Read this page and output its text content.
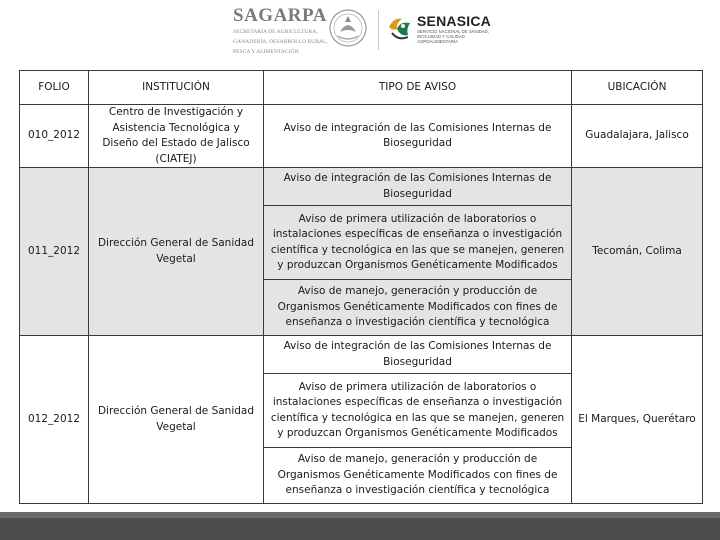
SAGARPA
SECRETARÍA DE AGRICULTURA,
GANADERÍA, DESARROLLO RURAL,
PESCA Y ALIMENTACIÓN
SENASICA
SERVICIO NACIONAL DE SANIDAD,
INOCUIDAD Y CALIDAD
AGROALIMENTARIA
FOLIO	INSTITUCIÓN	TIPO DE AVISO	UBICACIÓN
010_2012	Centro de Investigación y Asistencia Tecnológica y Diseño del Estado de Jalisco (CIATEJ)	Aviso de integración de las Comisiones Internas de Bioseguridad	Guadalajara, Jalisco
011_2012	Dirección General de Sanidad Vegetal	Aviso de integración de las Comisiones Internas de Bioseguridad	Tecomán, Colima
		Aviso de primera utilización de laboratorios o instalaciones específicas de enseñanza o investigación científica y tecnológica en las que se manejen, generen y produzcan Organismos Genéticamente Modificados	
		Aviso de manejo, generación y producción de Organismos Genéticamente Modificados con fines de enseñanza o investigación científica y tecnológica	
012_2012	Dirección General de Sanidad Vegetal	Aviso de integración de las Comisiones Internas de Bioseguridad	El Marques, Querétaro
		Aviso de primera utilización de laboratorios o instalaciones específicas de enseñanza o investigación científica y tecnológica en las que se manejen, generen y produzcan Organismos Genéticamente Modificados	
		Aviso de manejo, generación y producción de Organismos Genéticamente Modificados con fines de enseñanza o investigación científica y tecnológica	
